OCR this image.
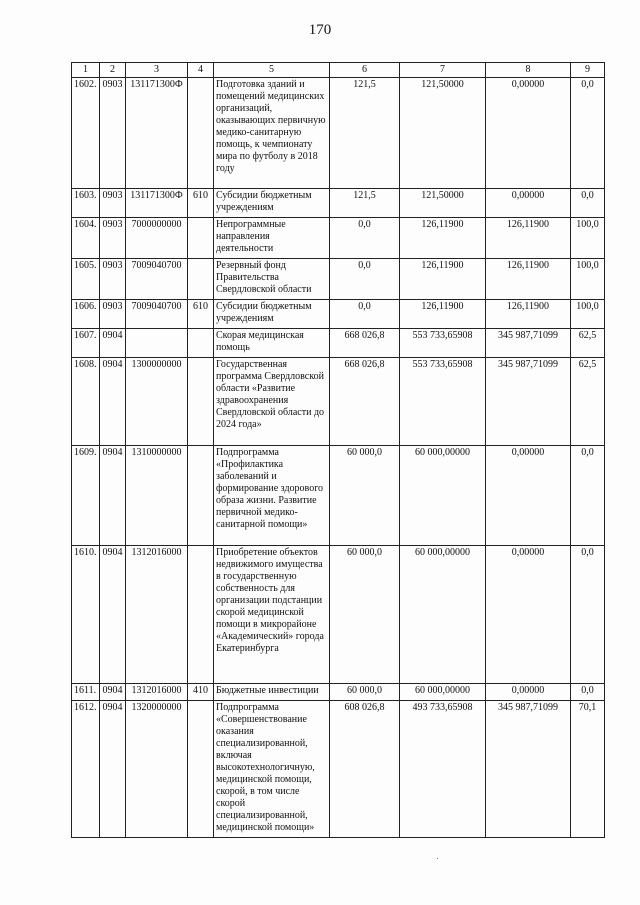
170
1	2	3	4	5	6	7	8	9
1602.	0903	131171300Ф		Подготовка зданий и помещений медицинских организаций, оказывающих первичную медико-санитарную помощь, к чемпионату мира по футболу в 2018 году	121,5	121,50000	0,00000	0,0
1603.	0903	131171300Ф	610	Субсидии бюджетным учреждениям	121,5	121,50000	0,00000	0,0
1604.	0903	7000000000		Непрограммные направления деятельности	0,0	126,11900	126,11900	100,0
1605.	0903	7009040700		Резервный фонд Правительства Свердловской области	0,0	126,11900	126,11900	100,0
1606.	0903	7009040700	610	Субсидии бюджетным учреждениям	0,0	126,11900	126,11900	100,0
1607.	0904			Скорая медицинская помощь	668 026,8	553 733,65908	345 987,71099	62,5
1608.	0904	1300000000		Государственная программа Свердловской области «Развитие здравоохранения Свердловской области до 2024 года»	668 026,8	553 733,65908	345 987,71099	62,5
1609.	0904	1310000000		Подпрограмма «Профилактика заболеваний и формирование здорового образа жизни. Развитие первичной медико-санитарной помощи»	60 000,0	60 000,00000	0,00000	0,0
1610.	0904	1312016000		Приобретение объектов недвижимого имущества в государственную собственность для организации подстанции скорой медицинской помощи в микрорайоне «Академический» города Екатеринбурга	60 000,0	60 000,00000	0,00000	0,0
1611.	0904	1312016000	410	Бюджетные инвестиции	60 000,0	60 000,00000	0,00000	0,0
1612.	0904	1320000000		Подпрограмма «Совершенствование оказания специализированной, включая высокотехнологичную, медицинской помощи, скорой, в том числе скорой специализированной, медицинской помощи»	608 026,8	493 733,65908	345 987,71099	70,1
